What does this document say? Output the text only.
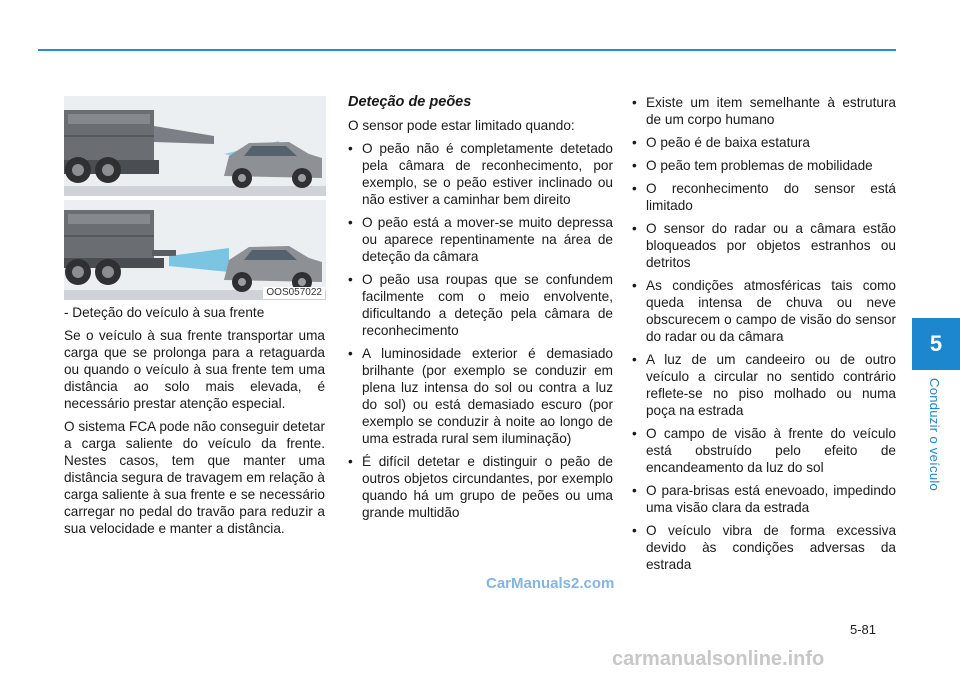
5
Conduzir o veículo
OOS057022

- Deteção do veículo à sua frente

Se o veículo à sua frente transportar uma carga que se prolonga para a retaguarda ou quando o veículo à sua frente tem uma distância ao solo mais elevada, é necessário prestar atenção especial.

O sistema FCA pode não conseguir detetar a carga saliente do veículo da frente. Nestes casos, tem que manter uma distância segura de travagem em relação à carga saliente à sua frente e se necessário carregar no pedal do travão para reduzir a sua velocidade e manter a distância.

Deteção de peões

O sensor pode estar limitado quando:

• O peão não é completamente detetado pela câmara de reconhecimento, por exemplo, se o peão estiver inclinado ou não estiver a caminhar bem direito
• O peão está a mover-se muito depressa ou aparece repentinamente na área de deteção da câmara
• O peão usa roupas que se confundem facilmente com o meio envolvente, dificultando a deteção pela câmara de reconhecimento
• A luminosidade exterior é demasiado brilhante (por exemplo se conduzir em plena luz intensa do sol ou contra a luz do sol) ou está demasiado escuro (por exemplo se conduzir à noite ao longo de uma estrada rural sem iluminação)
• É difícil detetar e distinguir o peão de outros objetos circundantes, por exemplo quando há um grupo de peões ou uma grande multidão
• Existe um item semelhante à estrutura de um corpo humano
• O peão é de baixa estatura
• O peão tem problemas de mobilidade
• O reconhecimento do sensor está limitado
• O sensor do radar ou a câmara estão bloqueados por objetos estranhos ou detritos
• As condições atmosféricas tais como queda intensa de chuva ou neve obscurecem o campo de visão do sensor do radar ou da câmara
• A luz de um candeeiro ou de outro veículo a circular no sentido contrário reflete-se no piso molhado ou numa poça na estrada
• O campo de visão à frente do veículo está obstruído pelo efeito de encandeamento da luz do sol
• O para-brisas está enevoado, impedindo uma visão clara da estrada
• O veículo vibra de forma excessiva devido às condições adversas da estrada
5-81
CarManuals2.com
carmanualsonline.info
